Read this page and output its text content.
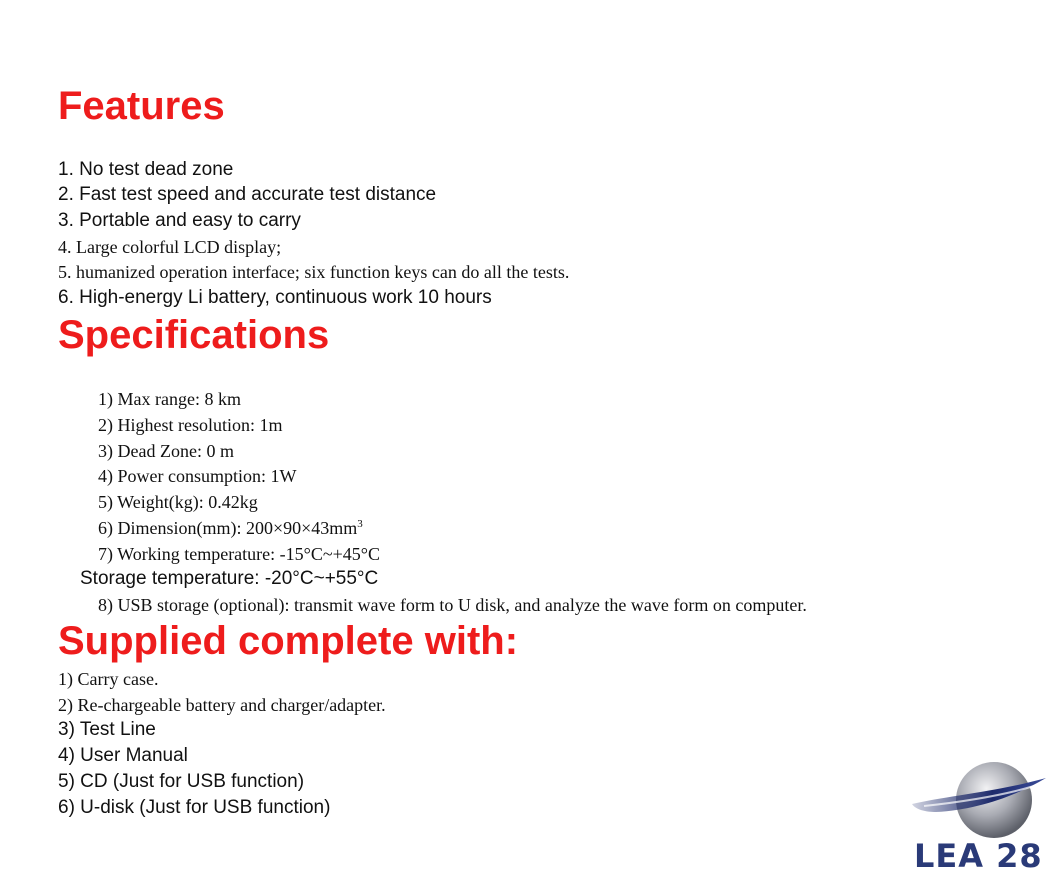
Features

1. No test dead zone

2. Fast test speed and accurate test distance

3. Portable and easy to carry

4. Large colorful LCD display;

5. humanized operation interface; six function keys can do all the tests.

6. High-energy Li battery, continuous work 10 hours

Specifications

1) Max range: 8 km

2) Highest resolution: 1m

3) Dead Zone: 0 m

4) Power consumption: 1W

5) Weight(kg): 0.42kg

6) Dimension(mm): $200\times 90\times 43mm^3$

7) Working temperature: -15°C~+45°C

Storage temperature: -20°C~+55°C

8) USB storage (optional): transmit wave form to U disk, and analyze the wave form on computer.

Supplied complete with:

1) Carry case.

2) Re-chargeable battery and charger/adapter.

3) Test Line

4) User Manual

5) CD (Just for USB function)

6) U-disk (Just for USB function)

LEA 28
